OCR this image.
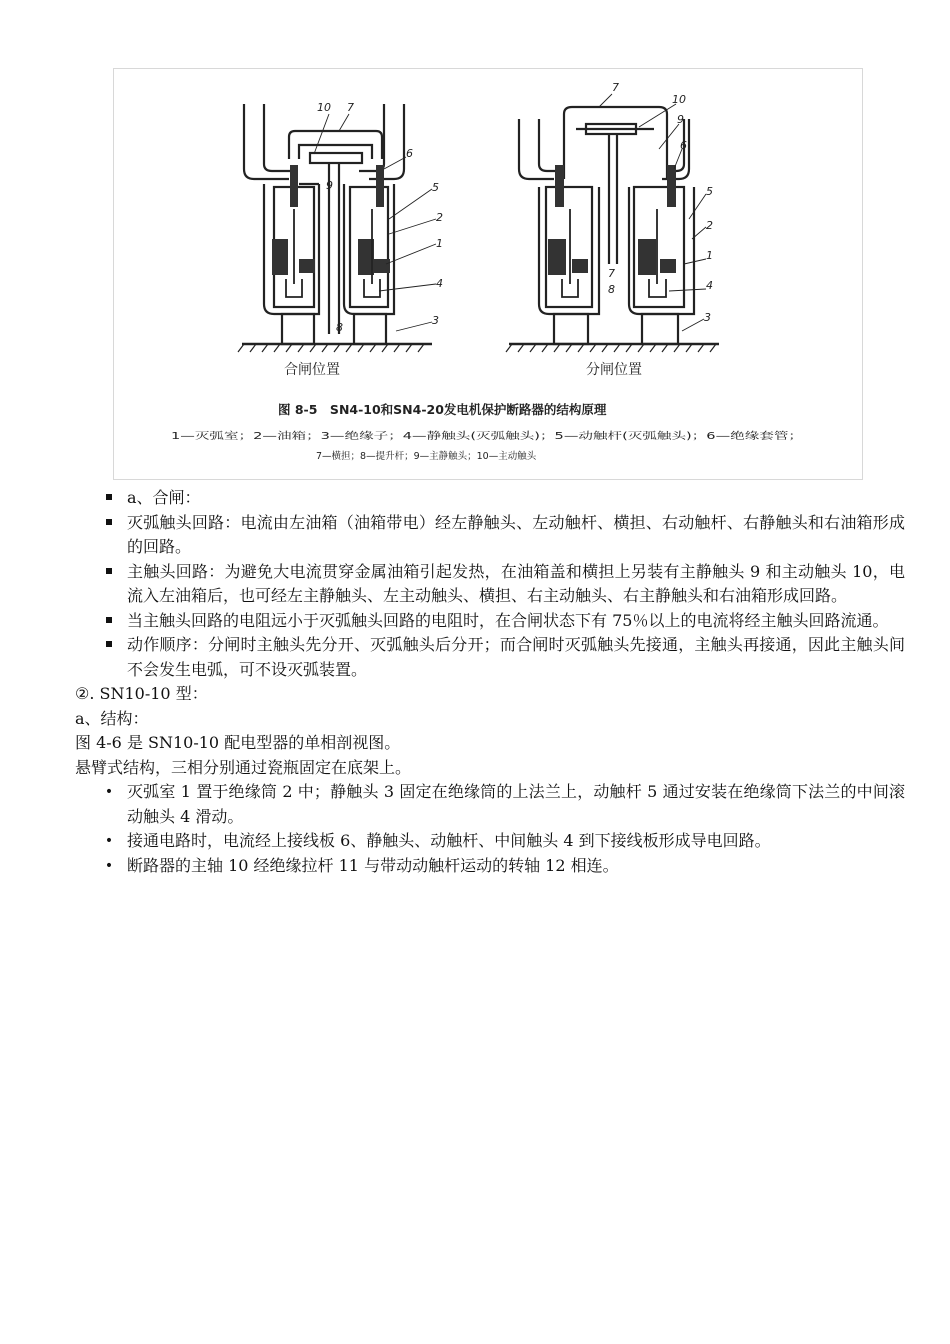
10 7
9
6
5
2
1
4
3
8
7
10
9
6
5
2
1
4
3
7
8
合闸位置	分闸位置
图 8-5　SN4-10和SN4-20发电机保护断路器的结构原理
1—灭弧室；2—油箱；3—绝缘子；4—静触头(灭弧触头)；5—动触杆(灭弧触头)；6—绝缘套管；
7—横担；8—提升杆；9—主静触头；10—主动触头
a、合闸：
灭弧触头回路：电流由左油箱（油箱带电）经左静触头、左动触杆、横担、右动触杆、右静触头和右油箱形成的回路。
主触头回路：为避免大电流贯穿金属油箱引起发热，在油箱盖和横担上另装有主静触头 9 和主动触头 10，电流入左油箱后，也可经左主静触头、左主动触头、横担、右主动触头、右主静触头和右油箱形成回路。
当主触头回路的电阻远小于灭弧触头回路的电阻时，在合闸状态下有 75％以上的电流将经主触头回路流通。
动作顺序：分闸时主触头先分开、灭弧触头后分开；而合闸时灭弧触头先接通，主触头再接通，因此主触头间不会发生电弧，可不设灭弧装置。

②. SN10-10 型：

a、结构：

图 4-6 是 SN10-10 配电型器的单相剖视图。

悬臂式结构，三相分别通过瓷瓶固定在底架上。

• 灭弧室 1 置于绝缘筒 2 中；静触头 3 固定在绝缘筒的上法兰上，动触杆 5 通过安装在绝缘筒下法兰的中间滚动触头 4 滑动。
• 接通电路时，电流经上接线板 6、静触头、动触杆、中间触头 4 到下接线板形成导电回路。
• 断路器的主轴 10 经绝缘拉杆 11 与带动动触杆运动的转轴 12 相连。
